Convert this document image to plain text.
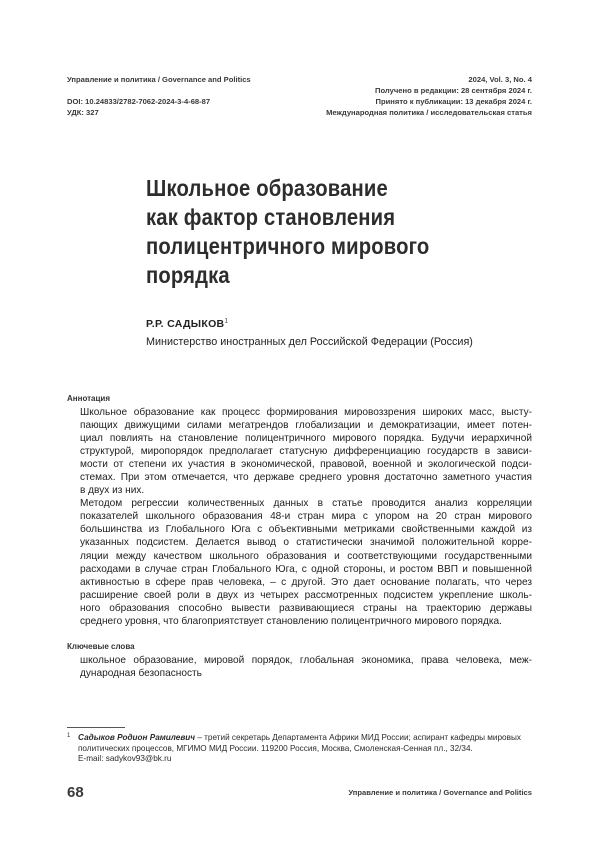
Управление и политика / Governance and Politics
DOI: 10.24833/2782-7062-2024-3-4-68-87
УДК: 327
2024, Vol. 3, No. 4
Получено в редакции: 28 сентября 2024 г.
Принято к публикации: 13 декабря 2024 г.
Международная политика / исследовательская статья
Школьное образование
как фактор становления
полицентричного мирового
порядка
Р.Р. САДЫКОВ1
Министерство иностранных дел Российской Федерации (Россия)
Аннотация
Школьное образование как процесс формирования мировоззрения широких масс, высту-
пающих движущими силами мегатрендов глобализации и демократизации, имеет потен-
циал повлиять на становление полицентричного мирового порядка. Будучи иерархичной
структурой, миропорядок предполагает статусную дифференциацию государств в зависи-
мости от степени их участия в экономической, правовой, военной и экологической подси-
стемах. При этом отмечается, что державе среднего уровня достаточно заметного участия
в двух из них.
Методом регрессии количественных данных в статье проводится анализ корреляции
показателей школьного образования 48-и стран мира с упором на 20 стран мирового
большинства из Глобального Юга с объективными метриками свойственными каждой из
указанных подсистем. Делается вывод о статистически значимой положительной корре-
ляции между качеством школьного образования и соответствующими государственными
расходами в случае стран Глобального Юга, с одной стороны, и ростом ВВП и повышенной
активностью в сфере прав человека, – с другой. Это дает основание полагать, что через
расширение своей роли в двух из четырех рассмотренных подсистем укрепление школь-
ного образования способно вывести развивающиеся страны на траекторию державы
среднего уровня, что благоприятствует становлению полицентричного мирового порядка.
Ключевые слова
школьное образование, мировой порядок, глобальная экономика, права человека, меж-
дународная безопасность
1 Садыков Родион Рамилевич – третий секретарь Департамента Африки МИД России; аспирант кафедры мировых
политических процессов, МГИМО МИД России. 119200 Россия, Москва, Смоленская-Сенная пл., 32/34.
E-mail: sadykov93@bk.ru
68	Управление и политика / Governance and Politics
